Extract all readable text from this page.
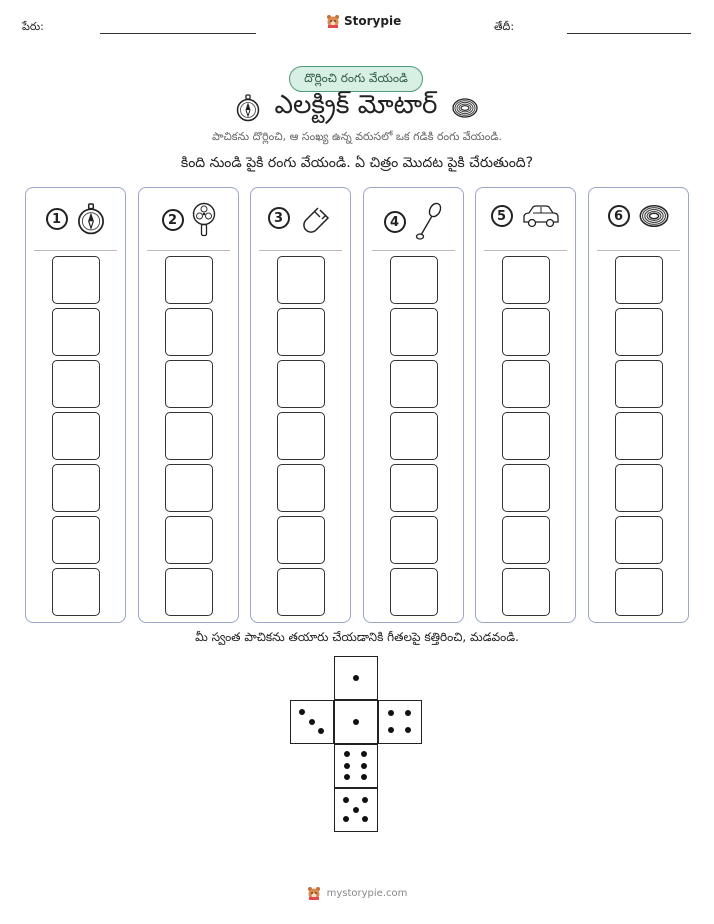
పేరు:	Storypie	తేదీ:
దొర్లించి రంగు వేయండి
ఎలక్ట్రిక్ మోటార్
పాచికను దొర్లించి, ఆ సంఖ్య ఉన్న వరుసలో ఒక గడికి రంగు వేయండి.
కింది నుండి పైకి రంగు వేయండి. ఏ చిత్రం మొదట పైకి చేరుతుంది?
1	2	3	4	5	6
మీ స్వంత పాచికను తయారు చేయడానికి గీతలపై కత్తిరించి, మడవండి.
mystorypie.com
